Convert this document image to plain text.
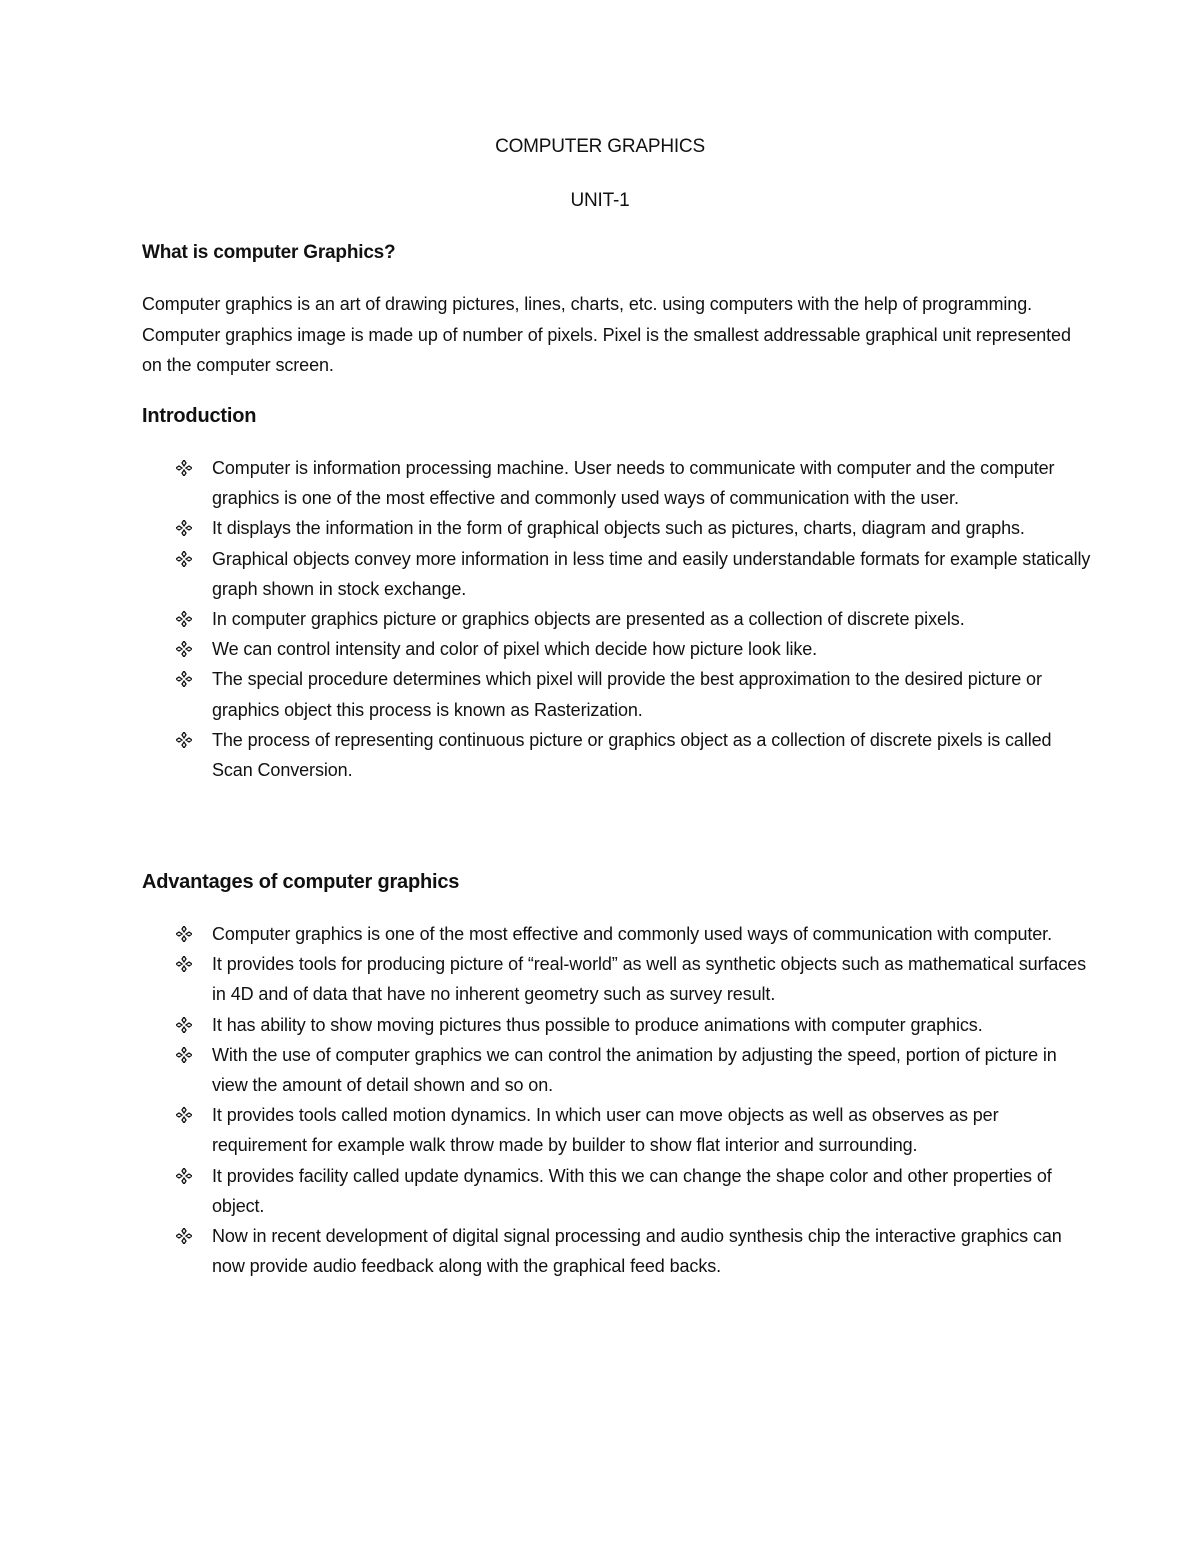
COMPUTER GRAPHICS
UNIT-1
What is computer Graphics?

Computer graphics is an art of drawing pictures, lines, charts, etc. using computers with the help of programming. Computer graphics image is made up of number of pixels. Pixel is the smallest addressable graphical unit represented on the computer screen.

Introduction
Computer is information processing machine. User needs to communicate with computer and the computer graphics is one of the most effective and commonly used ways of communication with the user.
It displays the information in the form of graphical objects such as pictures, charts, diagram and graphs.
Graphical objects convey more information in less time and easily understandable formats for example statically graph shown in stock exchange.
In computer graphics picture or graphics objects are presented as a collection of discrete pixels.
We can control intensity and color of pixel which decide how picture look like.
The special procedure determines which pixel will provide the best approximation to the desired picture or graphics object this process is known as Rasterization.
The process of representing continuous picture or graphics object as a collection of discrete pixels is called Scan Conversion.
Advantages of computer graphics
Computer graphics is one of the most effective and commonly used ways of communication with computer.
It provides tools for producing picture of “real-world” as well as synthetic objects such as mathematical surfaces in 4D and of data that have no inherent geometry such as survey result.
It has ability to show moving pictures thus possible to produce animations with computer graphics.
With the use of computer graphics we can control the animation by adjusting the speed, portion of picture in view the amount of detail shown and so on.
It provides tools called motion dynamics. In which user can move objects as well as observes as per requirement for example walk throw made by builder to show flat interior and surrounding.
It provides facility called update dynamics. With this we can change the shape color and other properties of object.
Now in recent development of digital signal processing and audio synthesis chip the interactive graphics can now provide audio feedback along with the graphical feed backs.
